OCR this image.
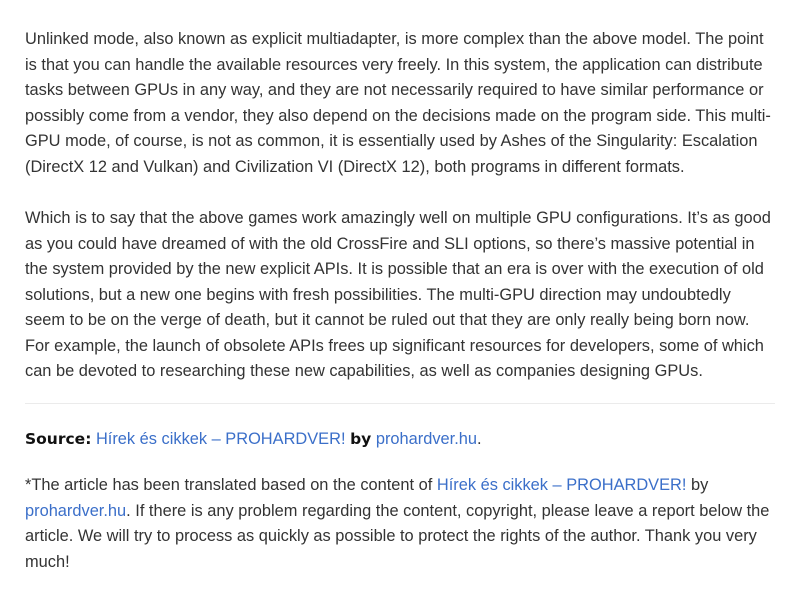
Unlinked mode, also known as explicit multiadapter, is more complex than the above model. The point is that you can handle the available resources very freely. In this system, the application can distribute tasks between GPUs in any way, and they are not necessarily required to have similar performance or possibly come from a vendor, they also depend on the decisions made on the program side. This multi-GPU mode, of course, is not as common, it is essentially used by Ashes of the Singularity: Escalation (DirectX 12 and Vulkan) and Civilization VI (DirectX 12), both programs in different formats.

Which is to say that the above games work amazingly well on multiple GPU configurations. It’s as good as you could have dreamed of with the old CrossFire and SLI options, so there’s massive potential in the system provided by the new explicit APIs. It is possible that an era is over with the execution of old solutions, but a new one begins with fresh possibilities. The multi-GPU direction may undoubtedly seem to be on the verge of death, but it cannot be ruled out that they are only really being born now. For example, the launch of obsolete APIs frees up significant resources for developers, some of which can be devoted to researching these new capabilities, as well as companies designing GPUs.

Source: Hírek és cikkek – PROHARDVER! by prohardver.hu.
*The article has been translated based on the content of Hírek és cikkek – PROHARDVER! by prohardver.hu. If there is any problem regarding the content, copyright, please leave a report below the article. We will try to process as quickly as possible to protect the rights of the author. Thank you very much!
